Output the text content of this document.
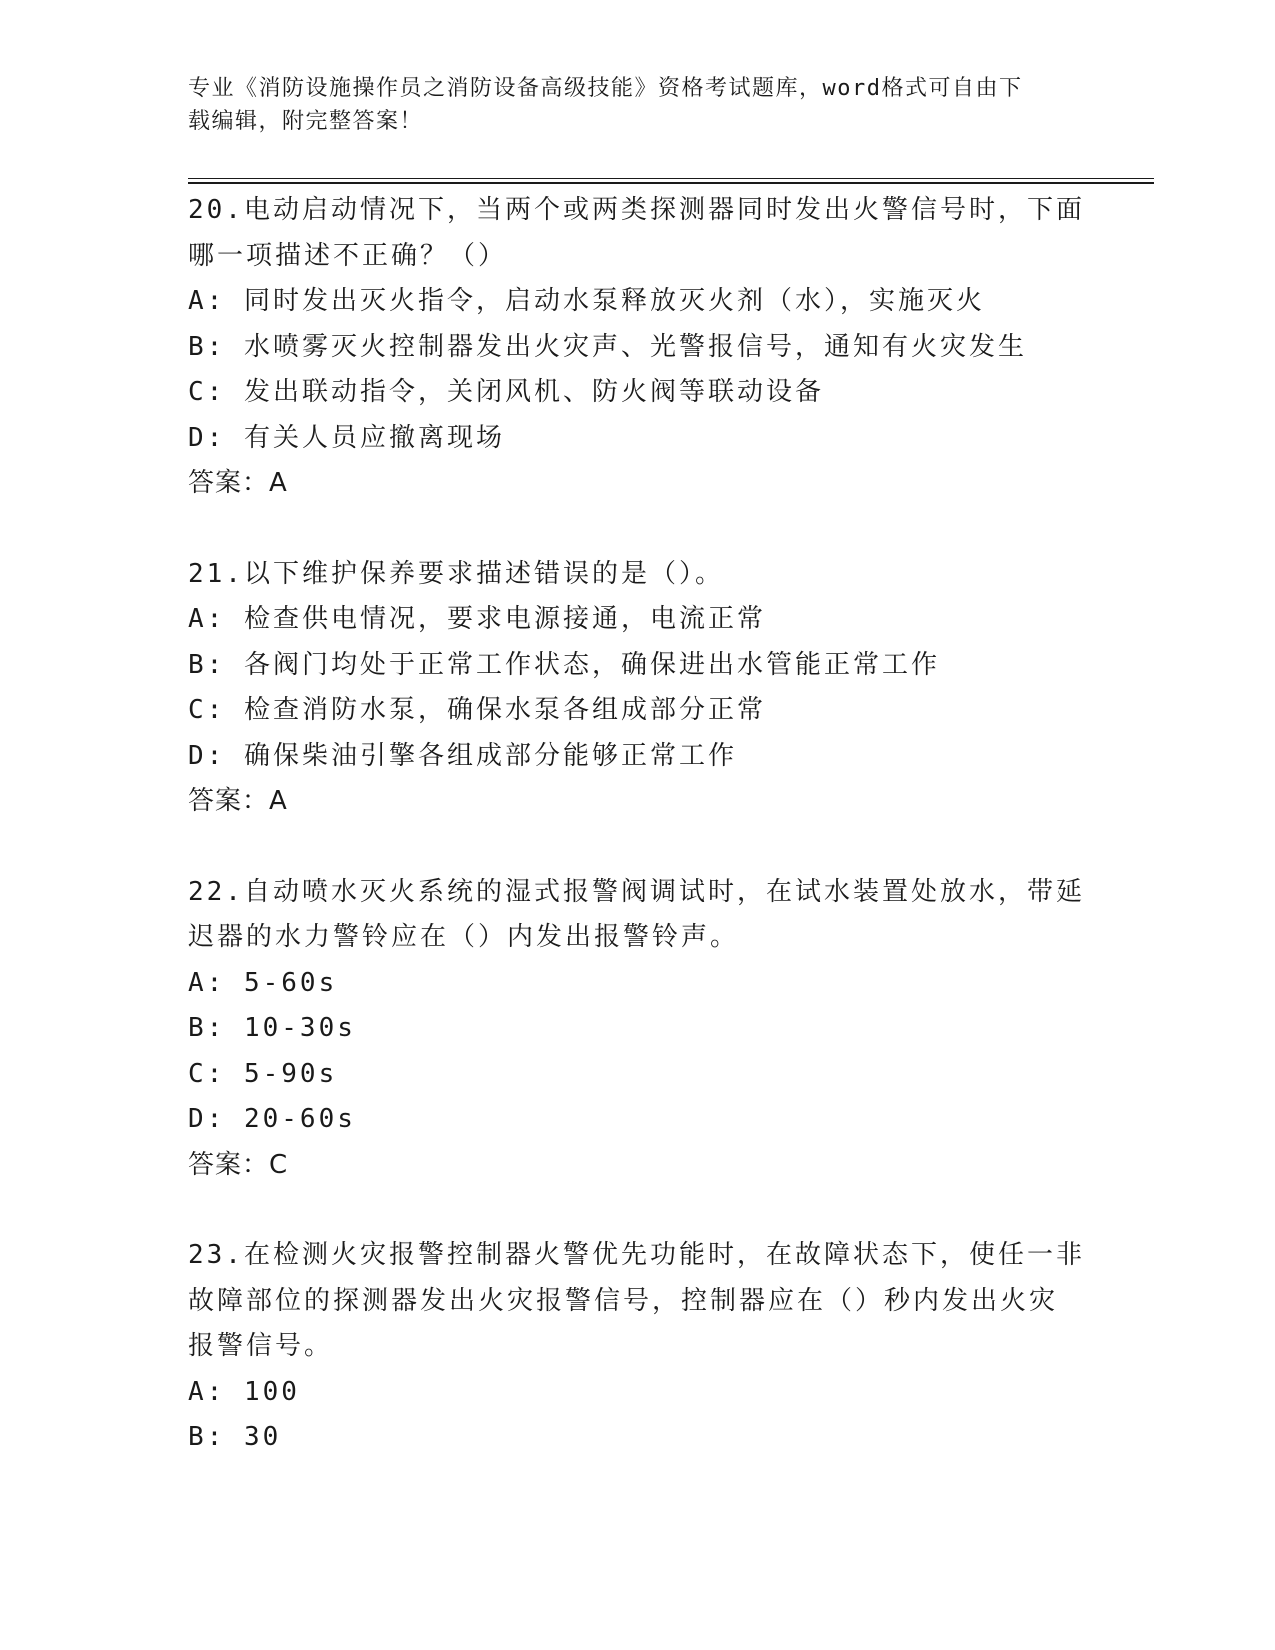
专业《消防设施操作员之消防设备高级技能》资格考试题库，word格式可自由下
载编辑，附完整答案！
20.电动启动情况下，当两个或两类探测器同时发出火警信号时，下面
哪一项描述不正确？（）
A: 同时发出灭火指令，启动水泵释放灭火剂（水），实施灭火
B: 水喷雾灭火控制器发出火灾声、光警报信号，通知有火灾发生
C: 发出联动指令，关闭风机、防火阀等联动设备
D: 有关人员应撤离现场
答案：A
21.以下维护保养要求描述错误的是（）。
A: 检查供电情况，要求电源接通，电流正常
B: 各阀门均处于正常工作状态，确保进出水管能正常工作
C: 检查消防水泵，确保水泵各组成部分正常
D: 确保柴油引擎各组成部分能够正常工作
答案：A
22.自动喷水灭火系统的湿式报警阀调试时，在试水装置处放水，带延
迟器的水力警铃应在（）内发出报警铃声。
A: 5-60s
B: 10-30s
C: 5-90s
D: 20-60s
答案：C
23.在检测火灾报警控制器火警优先功能时，在故障状态下，使任一非
故障部位的探测器发出火灾报警信号，控制器应在（）秒内发出火灾
报警信号。
A: 100
B: 30
